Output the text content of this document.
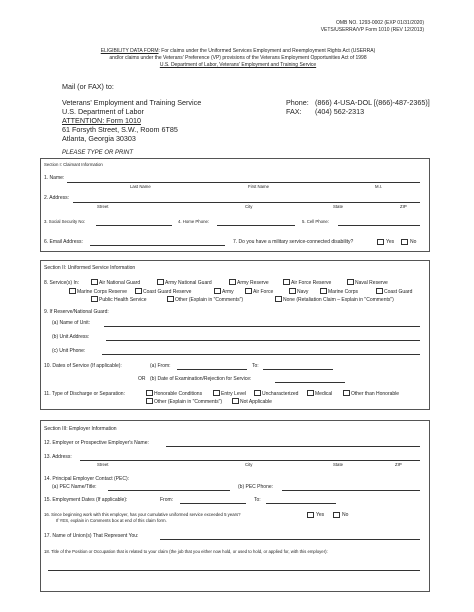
OMB NO. 1293-0002 (EXP 01/31/2020)
VETS/USERRA/VP Form 1010 (REV 12/2013)
ELIGIBILITY DATA FORM: For claims under the Uniformed Services Employment and Reemployment Rights Act (USERRA)
and/or claims under the Veterans' Preference (VP) provisions of the Veterans Employment Opportunities Act of 1998
U.S. Department of Labor, Veterans' Employment and Training Service
Mail (or FAX) to:
Veterans' Employment and Training Service
U.S. Department of Labor
ATTENTION: Form 1010
61 Forsyth Street, S.W., Room 6T85
Atlanta, Georgia 30303
Phone: (866) 4-USA-DOL [(866)-487-2365)]
FAX: (404) 562-2313
PLEASE TYPE OR PRINT
Section I: Claimant Information
1. Name:
Last Name	First Name	M.I.
2. Address:
Street	City	State	ZIP
3. Social Security No:	4. Home Phone:	5. Cell Phone:
6. Email Address:	7. Do you have a military service-connected disability?	Yes	No
Section II: Uniformed Service Information
8. Service(s) In:	Air National Guard	Army National Guard	Army Reserve	Air Force Reserve	Naval Reserve
Marine Corps Reserve	Coast Guard Reserve	Army	Air Force	Navy	Marine Corps	Coast Guard
Public Health Service	Other (Explain in "Comments")	None (Retaliation Claim – Explain in "Comments")
9. If Reserve/National Guard:
(a) Name of Unit:
(b) Unit Address:
(c) Unit Phone:
10. Dates of Service (If applicable):	(a) From:	To:
OR (b) Date of Examination/Rejection for Service:
11. Type of Discharge or Separation:	Honorable Conditions	Entry Level	Uncharacterized	Medical	Other than Honorable
Other (Explain in "Comments")	Not Applicable
Section III: Employer Information
12. Employer or Prospective Employer's Name:
13. Address:
Street	City	State	ZIP
14. Principal Employer Contact (PEC):
(a) PEC Name/Title:	(b) PEC Phone:
15. Employment Dates (If applicable):	From:	To:
16. Since beginning work with this employer, has your cumulative uniformed service exceeded 5 years?
If YES, explain in Comments box at end of this claim form.
Yes	No
17. Name of Union(s) That Represent You:
18. Title of the Position or Occupation that is related to your claim (the job that you either now hold, or used to hold, or applied for, with this employer):
